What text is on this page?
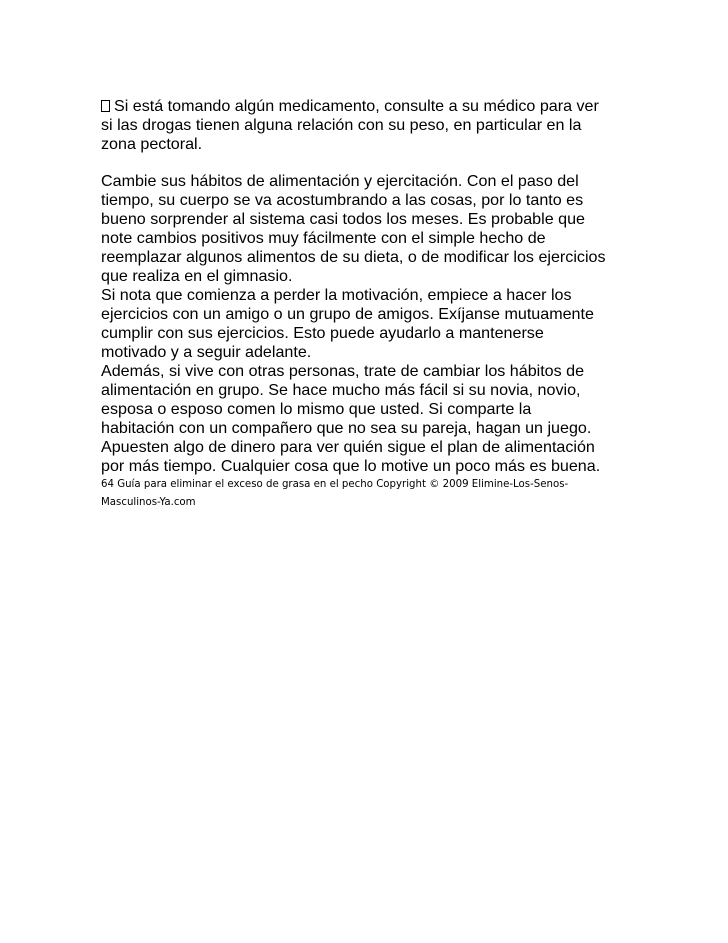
Si está tomando algún medicamento, consulte a su médico para ver
si las drogas tienen alguna relación con su peso, en particular en la
zona pectoral.
Cambie sus hábitos de alimentación y ejercitación. Con el paso del
tiempo, su cuerpo se va acostumbrando a las cosas, por lo tanto es
bueno sorprender al sistema casi todos los meses. Es probable que
note cambios positivos muy fácilmente con el simple hecho de
reemplazar algunos alimentos de su dieta, o de modificar los ejercicios
que realiza en el gimnasio.
Si nota que comienza a perder la motivación, empiece a hacer los
ejercicios con un amigo o un grupo de amigos. Exíjanse mutuamente
cumplir con sus ejercicios. Esto puede ayudarlo a mantenerse
motivado y a seguir adelante.
Además, si vive con otras personas, trate de cambiar los hábitos de
alimentación en grupo. Se hace mucho más fácil si su novia, novio,
esposa o esposo comen lo mismo que usted. Si comparte la
habitación con un compañero que no sea su pareja, hagan un juego.
Apuesten algo de dinero para ver quién sigue el plan de alimentación
por más tiempo. Cualquier cosa que lo motive un poco más es buena.
64 Guía para eliminar el exceso de grasa en el pecho Copyright © 2009 Elimine-Los-Senos-
Masculinos-Ya.com
